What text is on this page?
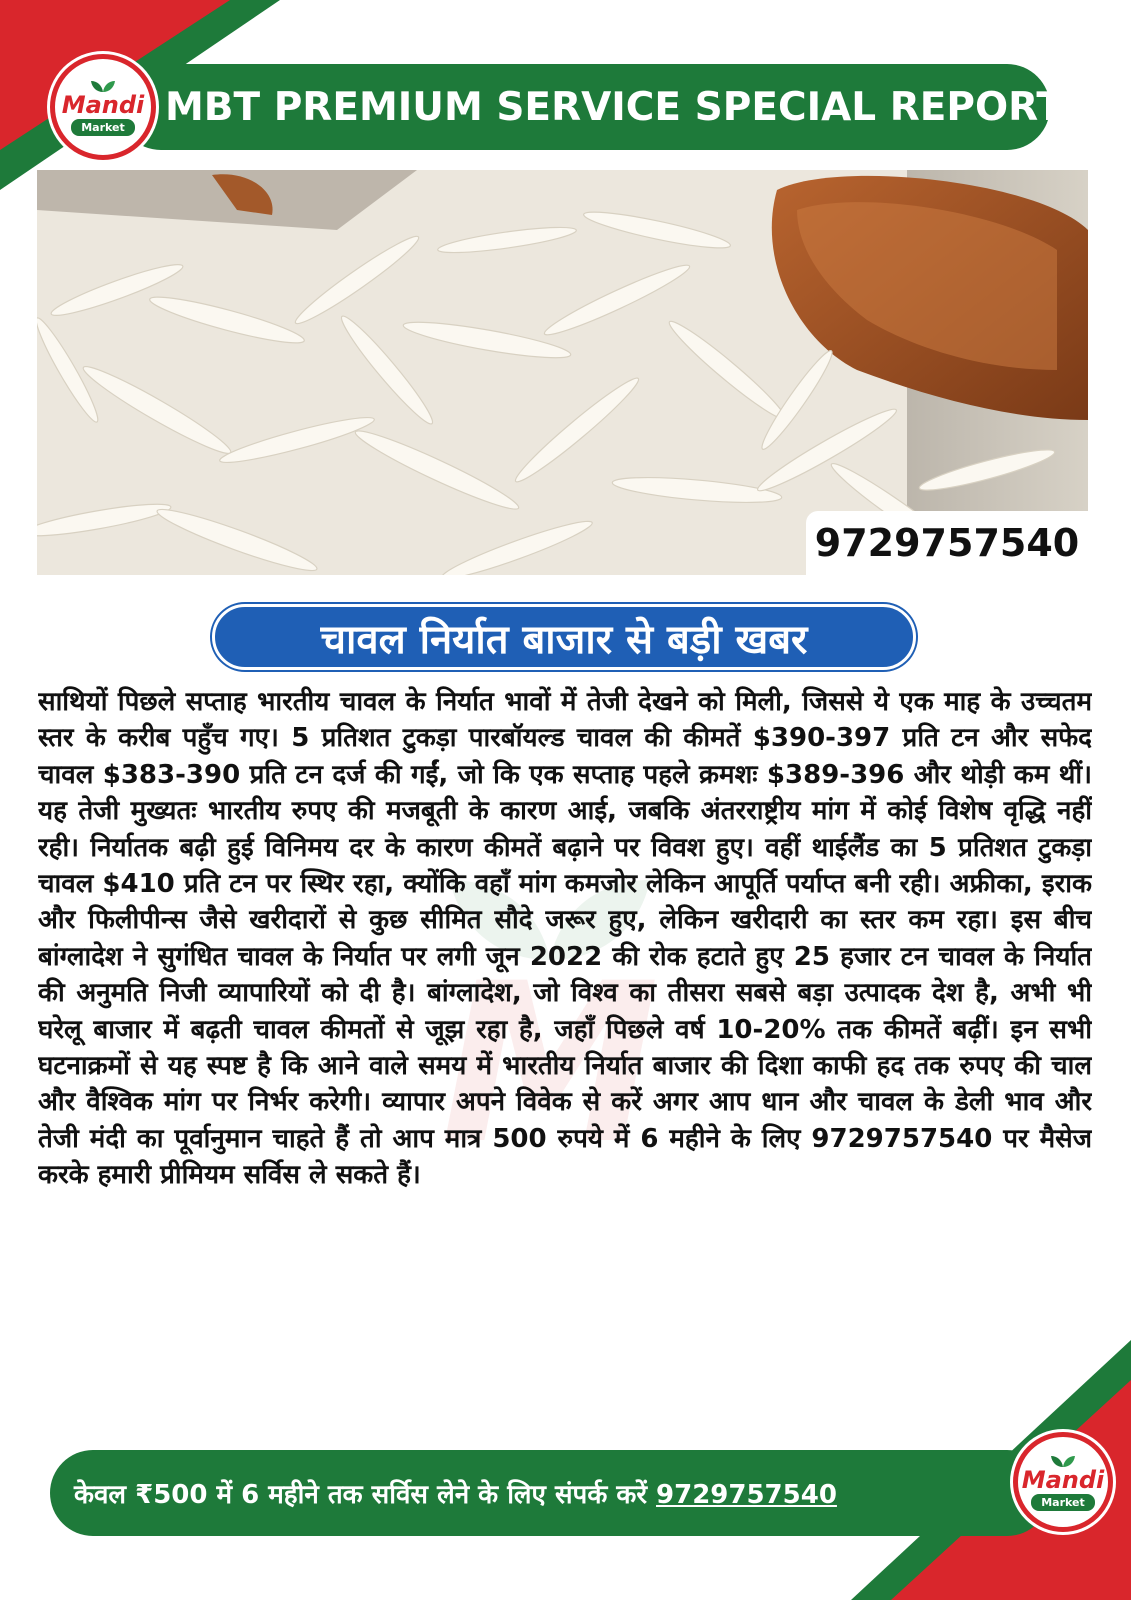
MBT PREMIUM SERVICE SPECIAL REPORT
Mandi
Market
9729757540
चावल निर्यात बाजार से बड़ी खबर
M
साथियों पिछले सप्ताह भारतीय चावल के निर्यात भावों में तेजी देखने को मिली, जिससे ये एक माह के उच्चतम स्तर के करीब पहुँच गए। 5 प्रतिशत टुकड़ा पारबॉयल्ड चावल की कीमतें $390-397 प्रति टन और सफेद चावल $383-390 प्रति टन दर्ज की गईं, जो कि एक सप्ताह पहले क्रमशः $389-396 और थोड़ी कम थीं। यह तेजी मुख्यतः भारतीय रुपए की मजबूती के कारण आई, जबकि अंतरराष्ट्रीय मांग में कोई विशेष वृद्धि नहीं रही। निर्यातक बढ़ी हुई विनिमय दर के कारण कीमतें बढ़ाने पर विवश हुए। वहीं थाईलैंड का 5 प्रतिशत टुकड़ा चावल $410 प्रति टन पर स्थिर रहा, क्योंकि वहाँ मांग कमजोर लेकिन आपूर्ति पर्याप्त बनी रही। अफ्रीका, इराक और फिलीपीन्स जैसे खरीदारों से कुछ सीमित सौदे जरूर हुए, लेकिन खरीदारी का स्तर कम रहा। इस बीच बांग्लादेश ने सुगंधित चावल के निर्यात पर लगी जून 2022 की रोक हटाते हुए 25 हजार टन चावल के निर्यात की अनुमति निजी व्यापारियों को दी है। बांग्लादेश, जो विश्व का तीसरा सबसे बड़ा उत्पादक देश है, अभी भी घरेलू बाजार में बढ़ती चावल कीमतों से जूझ रहा है, जहाँ पिछले वर्ष 10-20% तक कीमतें बढ़ीं। इन सभी घटनाक्रमों से यह स्पष्ट है कि आने वाले समय में भारतीय निर्यात बाजार की दिशा काफी हद तक रुपए की चाल और वैश्विक मांग पर निर्भर करेगी। व्यापार अपने विवेक से करें अगर आप धान और चावल के डेली भाव और तेजी मंदी का पूर्वानुमान चाहते हैं तो आप मात्र 500 रुपये में 6 महीने के लिए 9729757540 पर मैसेज करके हमारी प्रीमियम सर्विस ले सकते हैं।
केवल ₹500 में 6 महीने तक सर्विस लेने के लिए संपर्क करें 9729757540
Mandi
Market
